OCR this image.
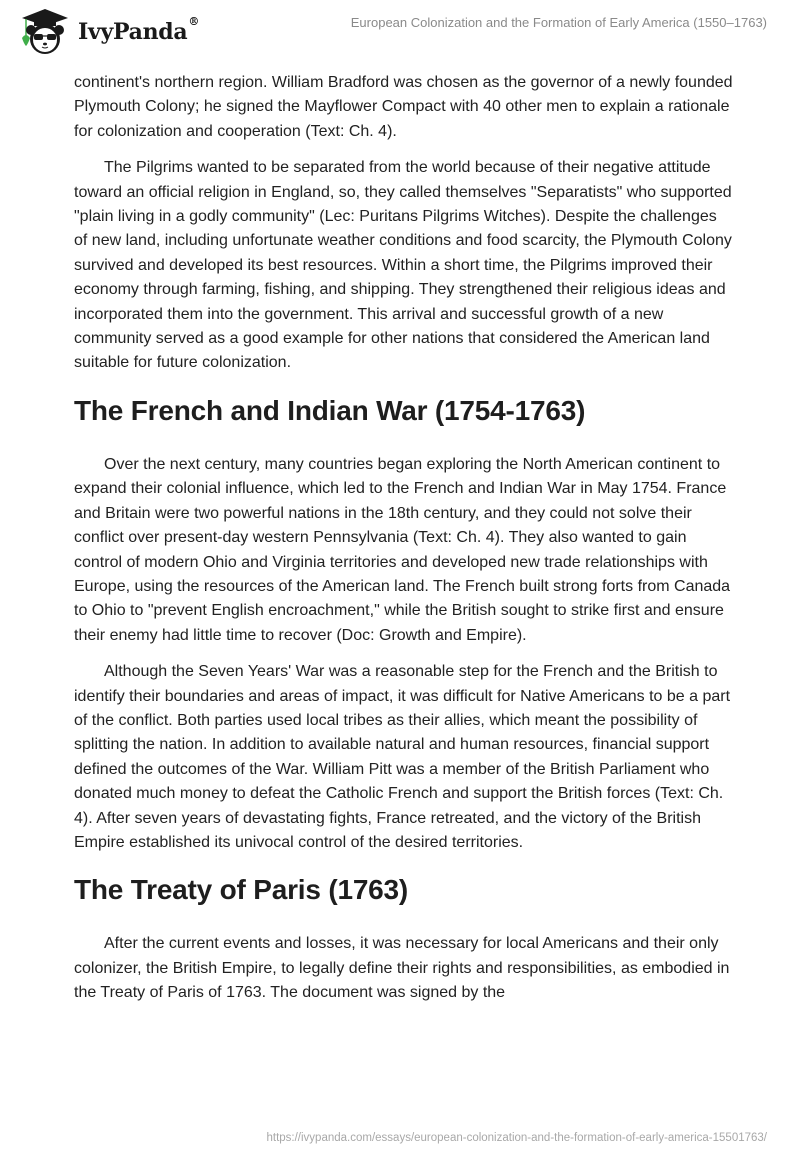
IvyPanda®	European Colonization and the Formation of Early America (1550–1763)

continent's northern region. William Bradford was chosen as the governor of a newly founded Plymouth Colony; he signed the Mayflower Compact with 40 other men to explain a rationale for colonization and cooperation (Text: Ch. 4).

The Pilgrims wanted to be separated from the world because of their negative attitude toward an official religion in England, so, they called themselves "Separatists" who supported "plain living in a godly community" (Lec: Puritans Pilgrims Witches). Despite the challenges of new land, including unfortunate weather conditions and food scarcity, the Plymouth Colony survived and developed its best resources. Within a short time, the Pilgrims improved their economy through farming, fishing, and shipping. They strengthened their religious ideas and incorporated them into the government. This arrival and successful growth of a new community served as a good example for other nations that considered the American land suitable for future colonization.

The French and Indian War (1754-1763)

Over the next century, many countries began exploring the North American continent to expand their colonial influence, which led to the French and Indian War in May 1754. France and Britain were two powerful nations in the 18th century, and they could not solve their conflict over present-day western Pennsylvania (Text: Ch. 4). They also wanted to gain control of modern Ohio and Virginia territories and developed new trade relationships with Europe, using the resources of the American land. The French built strong forts from Canada to Ohio to "prevent English encroachment," while the British sought to strike first and ensure their enemy had little time to recover (Doc: Growth and Empire).

Although the Seven Years' War was a reasonable step for the French and the British to identify their boundaries and areas of impact, it was difficult for Native Americans to be a part of the conflict. Both parties used local tribes as their allies, which meant the possibility of splitting the nation. In addition to available natural and human resources, financial support defined the outcomes of the War. William Pitt was a member of the British Parliament who donated much money to defeat the Catholic French and support the British forces (Text: Ch. 4). After seven years of devastating fights, France retreated, and the victory of the British Empire established its univocal control of the desired territories.

The Treaty of Paris (1763)

After the current events and losses, it was necessary for local Americans and their only colonizer, the British Empire, to legally define their rights and responsibilities, as embodied in the Treaty of Paris of 1763. The document was signed by the

https://ivypanda.com/essays/european-colonization-and-the-formation-of-early-america-15501763/
